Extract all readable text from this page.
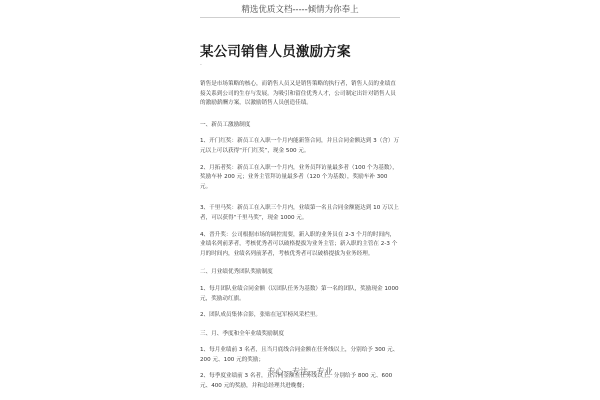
精选优质文档-----倾情为你奉上
某公司销售人员激励方案
·

销售是市场策略的核心，而销售人员又是销售策略的执行者，销售人员的业绩直接关系到公司的生存与发展。为吸引和留住优秀人才，公司制定出针对销售人员的激励薪酬方案，以激励销售人员创造佳绩。

一、新员工激励制度

1、开门红奖：新员工在入职一个月内能新签合同，并且合同金额达到 3（含）万元以上可以获得“开门红奖”，现金 500 元。

2、月拓者奖：新员工在入职一个月内，业务员拜访量最多者（100 个为基数），奖励车补 200 元；业务主管拜访量最多者（120 个为基数），奖励车补 300 元。

3、千里马奖：新员工在入职三个月内，业绩第一名且合同金额能达到 10 万以上者，可以获得“千里马奖”，现金 1000 元。

4、晋升奖：公司根据市场的调控需要，新入职的业务员在 2-3 个月的时间内，业绩名列前茅者，考核优秀者可以破格提拔为业务主管；新入职的主管在 2-3 个月的时间内，业绩名列前茅者，考核优秀者可以破格提拔为业务经理。

二、月业绩优秀团队奖励制度

1、每月团队业绩合同金额（以团队任务为基数）第一名的团队，奖励现金 1000 元，奖励动红旗。

2、团队成员集体合影，张贴在冠军榜风采栏里。

三、月、季度和全年业绩奖励制度

1、每月业绩前 3 名者，且当月底线合同金额在任务线以上，分别给予 300 元、200 元、100 元的奖励；

2、每季度业绩前 3 名者，且合同金额在任务线以上，分别给予 800 元、600 元、400 元的奖励，并和总经理共进晚餐；

专心---专注---专业
